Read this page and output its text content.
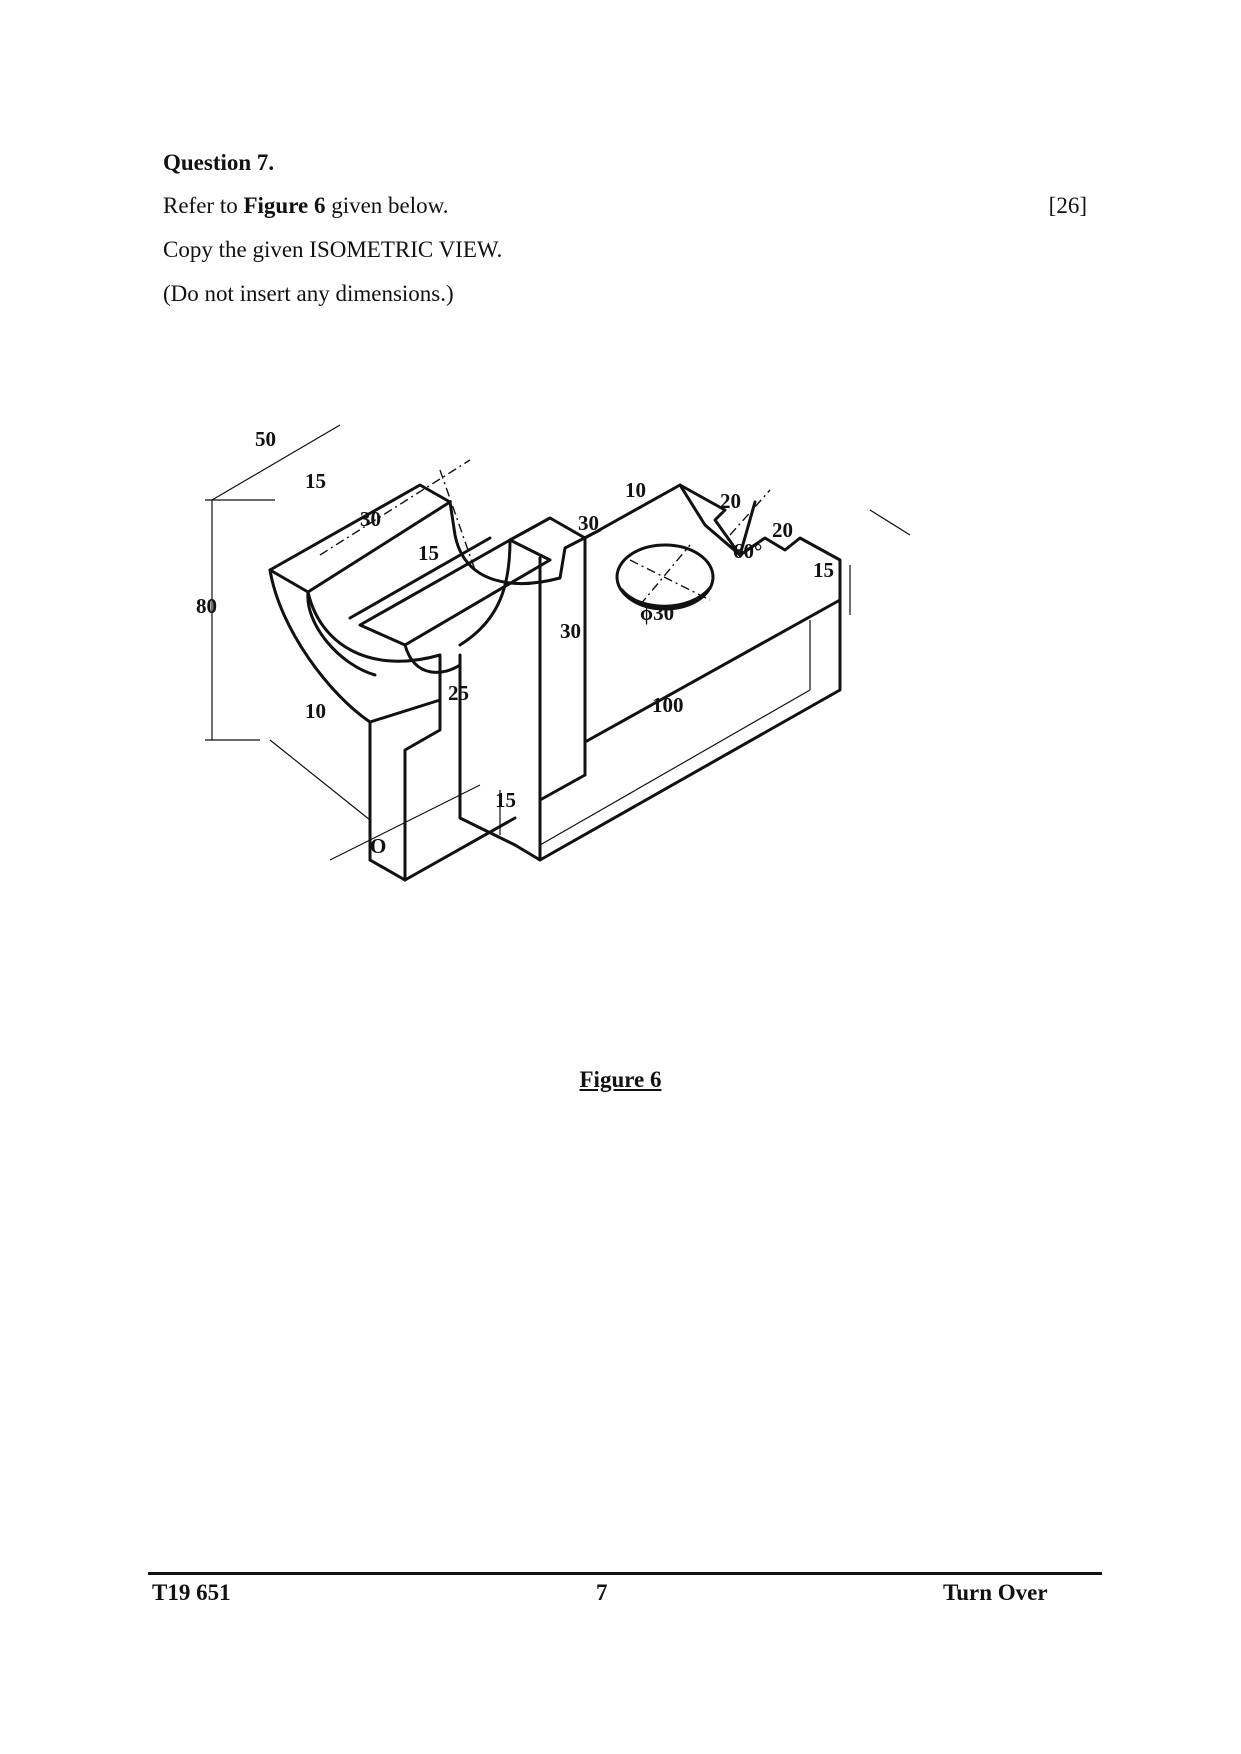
Question 7.
Refer to Figure 6 given below.	[26]
Copy the given ISOMETRIC VIEW.
(Do not insert any dimensions.)
50
15
30
15
80
10
25
15
O
30
10	20
20
60°
15
ϕ30
30
100
Figure 6
T19 651	7	Turn Over
